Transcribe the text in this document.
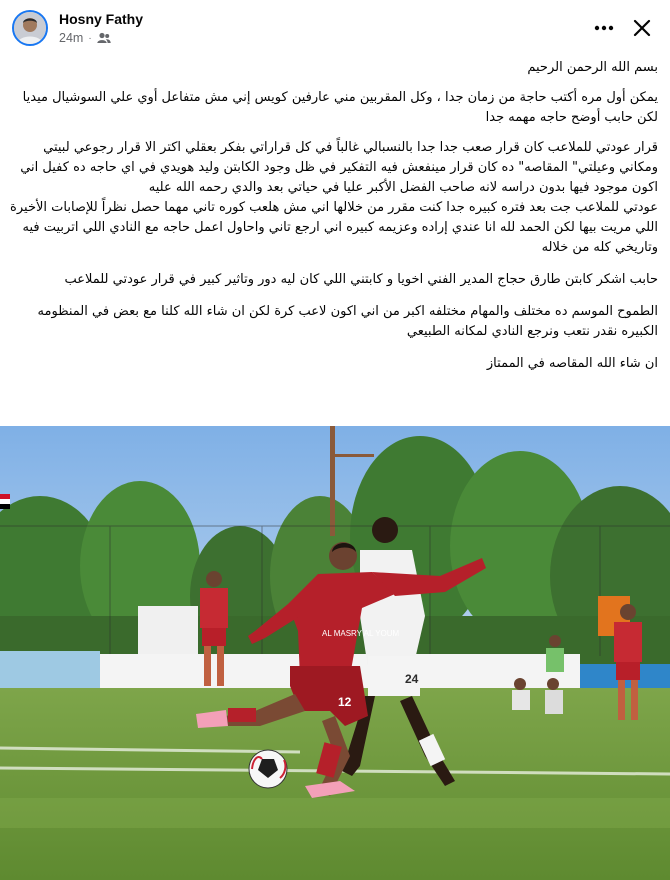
Hosny Fathy
24m ·

بسم الله الرحمن الرحيم

يمكن أول مره أكتب حاجة من زمان جدا ، وكل المقربين مني عارفين كويس إني مش متفاعل أوي علي السوشيال ميديا

لكن حابب أوضح حاجه مهمه جدا

قرار عودتي للملاعب كان قرار صعب جدا جدا بالنسبالي غالباً في كل قراراتي بفكر بعقلي اكتر الا قرار رجوعي لبيتي ومكاني وعيلتي" المقاصه" ده كان قرار مينفعش فيه التفكير في ظل وجود الكابتن وليد هويدي في اي حاجه ده كفيل اني اكون موجود فيها بدون دراسه لانه صاحب الفضل الأكبر عليا في حياتي بعد والدي رحمه الله عليه

عودتي للملاعب جت بعد فتره كبيره جدا كنت مقرر من خلالها اني مش هلعب كوره تاني مهما حصل نظراً للإصابات الأخيرة اللي مريت بيها لكن الحمد لله انا عندي إراده وعزيمه كبيره اني ارجع تاني واحاول اعمل حاجه مع النادي اللي اتربيت فيه وتاريخي كله من خلاله

حابب اشكر كابتن طارق حجاج المدير الفني اخويا و كابتني اللي كان ليه دور وتاثير كبير في قرار عودتي للملاعب

الطموح الموسم ده مختلف والمهام مختلفه اكبر من اني اكون لاعب كرة لكن ان شاء الله كلنا مع بعض في المنظومه الكبيره نقدر نتعب ونرجع النادي لمكانه الطبيعي

ان شاء الله المقاصه في الممتاز

24
AL MASRY AL YOUM
12
